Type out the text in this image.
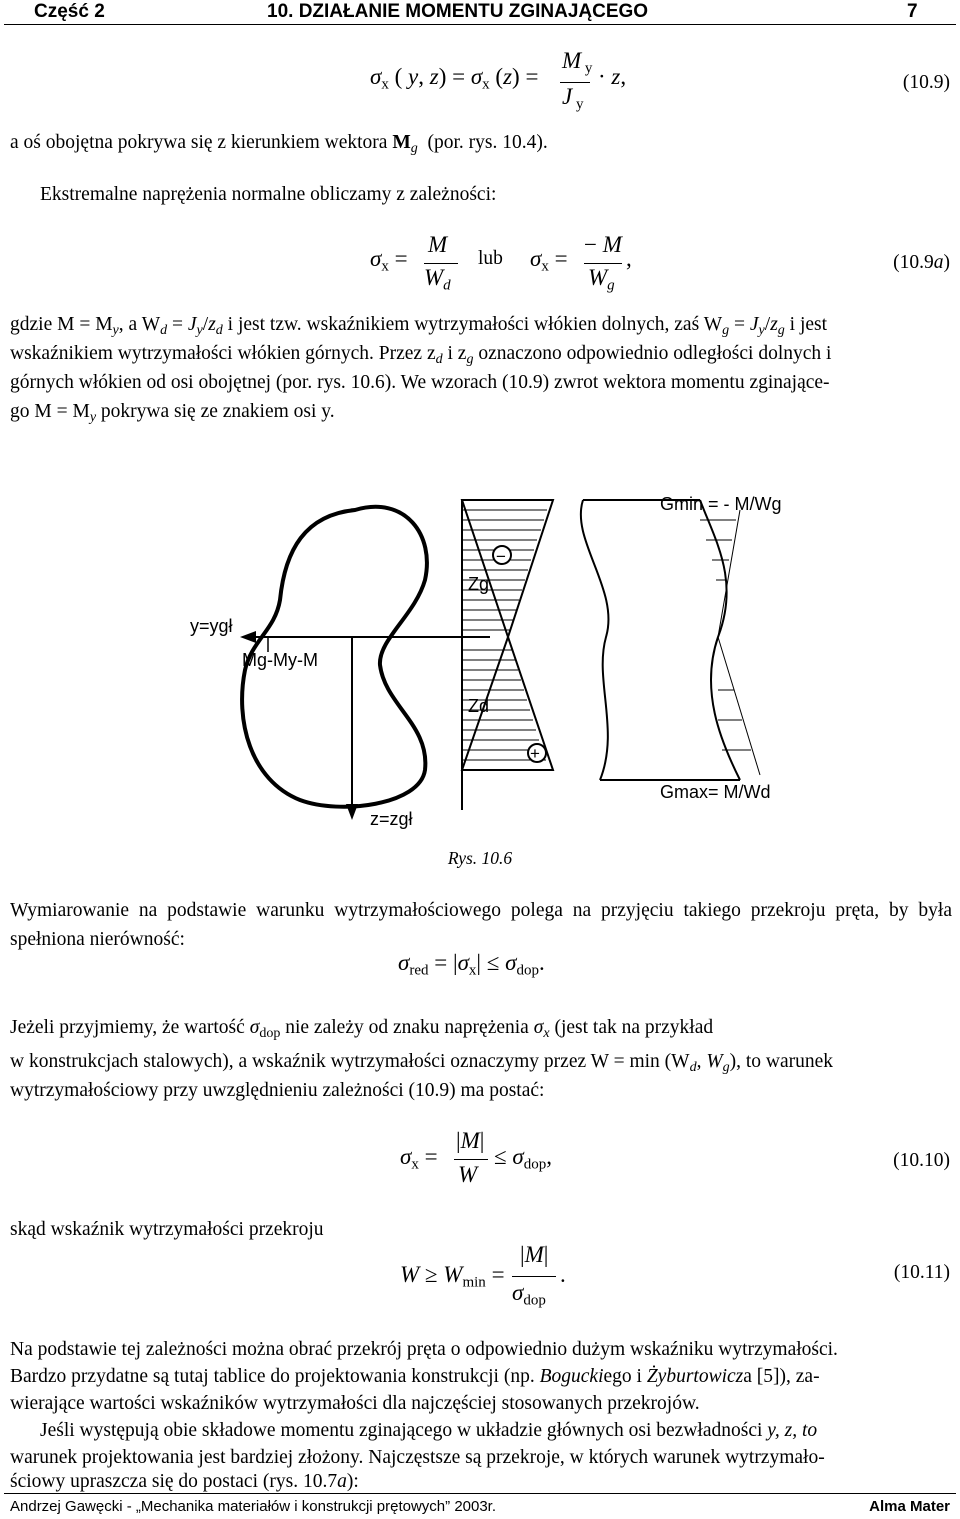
Część 2	10. DZIAŁANIE MOMENTU ZGINAJĄCEGO	7
$\sigma_x$ ( y, $z) = \sigma_x$ (z) =
M $_y$
J $_y$
· z,	(10.9)
a oś obojętna pokrywa się z kierunkiem wektora $M_g$ (por. rys. 10.4).
Ekstremalne naprężenia normalne obliczamy z zależności:
$\sigma_x$ =
M
$W_d$
lub $\sigma_x$ =
− M
$W_g$
,	(10.9a)
gdzie $M = M_y$, a $W_d = J_y/z_d$ i jest tzw. wskaźnikiem wytrzymałości włókien dolnych, zaś $W_g = J_y/z_g$ i jest
wskaźnikiem wytrzymałości włókien górnych. Przez $z_d$ i $z_g$ oznaczono odpowiednio odległości dolnych i
górnych włókien od osi obojętnej (por. rys. 10.6). We wzorach (10.9) zwrot wektora momentu zginające-
go $M = M_y$ pokrywa się ze znakiem osi y.
y=ygł
Mg-My-M
z=zgł
−
+
Zg
Zd
Gmin = - M/Wg
Gmax= M/Wd
Rys. 10.6
Wymiarowanie na podstawie warunku wytrzymałościowego polega na przyjęciu takiego przekroju pręta, by była spełniona nierówność:
$\sigma_{red} = |\sigma_x| \le \sigma_{dop}$.
Jeżeli przyjmiemy, że wartość $\sigma_{dop}$ nie zależy od znaku naprężenia $\sigma_x$ (jest tak na przykład
w konstrukcjach stalowych), a wskaźnik wytrzymałości oznaczymy przez $W = \min (W_d$, $W_g$), to warunek
wytrzymałościowy przy uwzględnieniu zależności (10.9) ma postać:
$\sigma_x$ =
|M|
W
≤ $\sigma_{dop}$,	(10.10)
skąd wskaźnik wytrzymałości przekroju
$W \ge W_{min}$ =
|M|
$\sigma_{dop}$
.	(10.11)
Na podstawie tej zależności można obrać przekrój pręta o odpowiednio dużym wskaźniku wytrzymałości.
Bardzo przydatne są tutaj tablice do projektowania konstrukcji (np. Boguckiego i Żyburtowicza [5]), za-
wierające wartości wskaźników wytrzymałości dla najczęściej stosowanych przekrojów.
Jeśli występują obie składowe momentu zginającego w układzie głównych osi bezwładności y, z, to
warunek projektowania jest bardziej złożony. Najczęstsze są przekroje, w których warunek wytrzymało-
ściowy upraszcza się do postaci (rys. 10.7a):
Andrzej Gawęcki - „Mechanika materiałów i konstrukcji prętowych” 2003r.	Alma Mater
